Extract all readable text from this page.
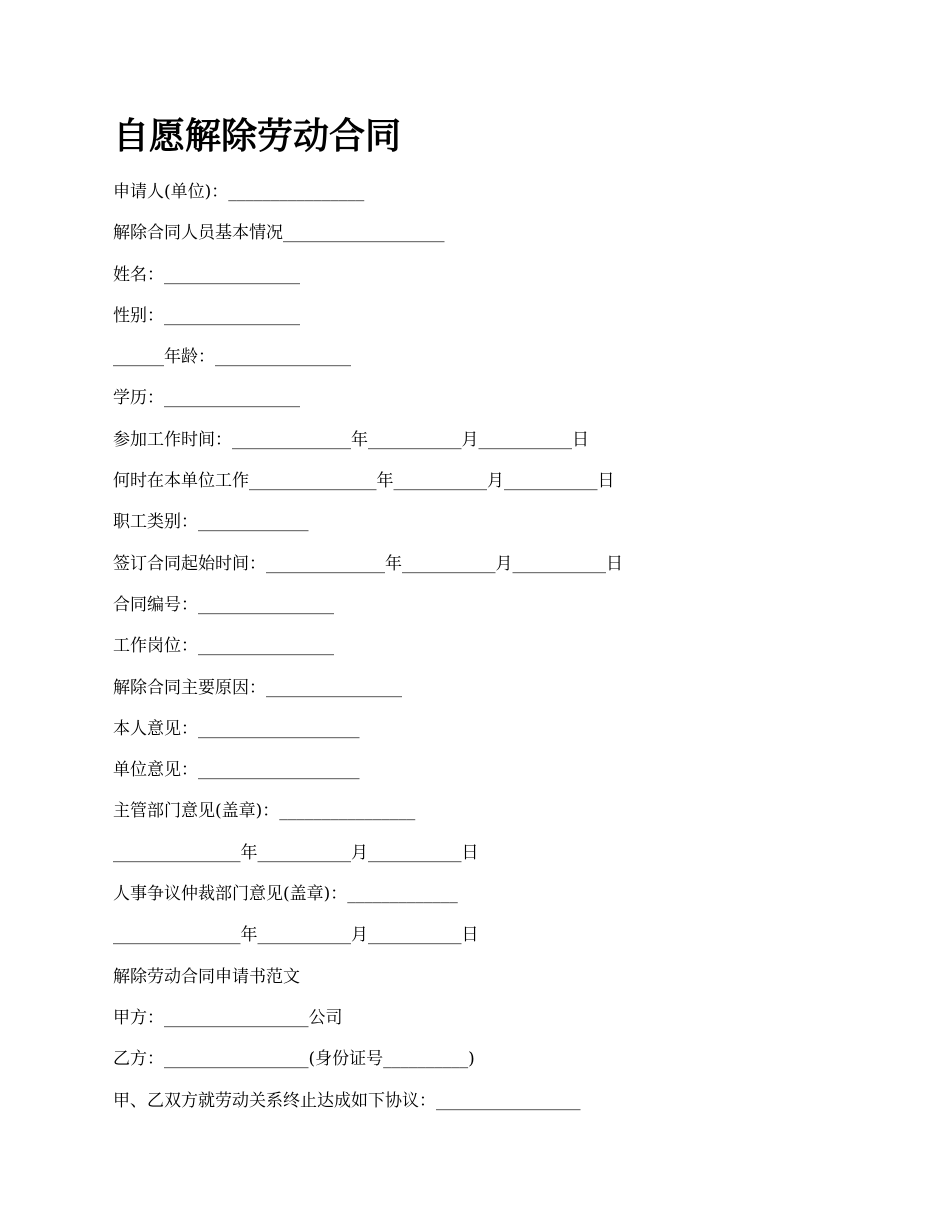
自愿解除劳动合同
申请人(单位)：________________
解除合同人员基本情况___________________
姓名：________________
性别：________________
______年龄：________________
学历：________________
参加工作时间：______________年___________月___________日
何时在本单位工作_______________年___________月___________日
职工类别：_____________
签订合同起始时间：______________年___________月___________日
合同编号：________________
工作岗位：________________
解除合同主要原因：________________
本人意见：___________________
单位意见：___________________
主管部门意见(盖章)：________________
_______________年___________月___________日
人事争议仲裁部门意见(盖章)：_____________
_______________年___________月___________日
解除劳动合同申请书范文
甲方：_________________公司
乙方：_________________(身份证号__________)
甲、乙双方就劳动关系终止达成如下协议：_________________
